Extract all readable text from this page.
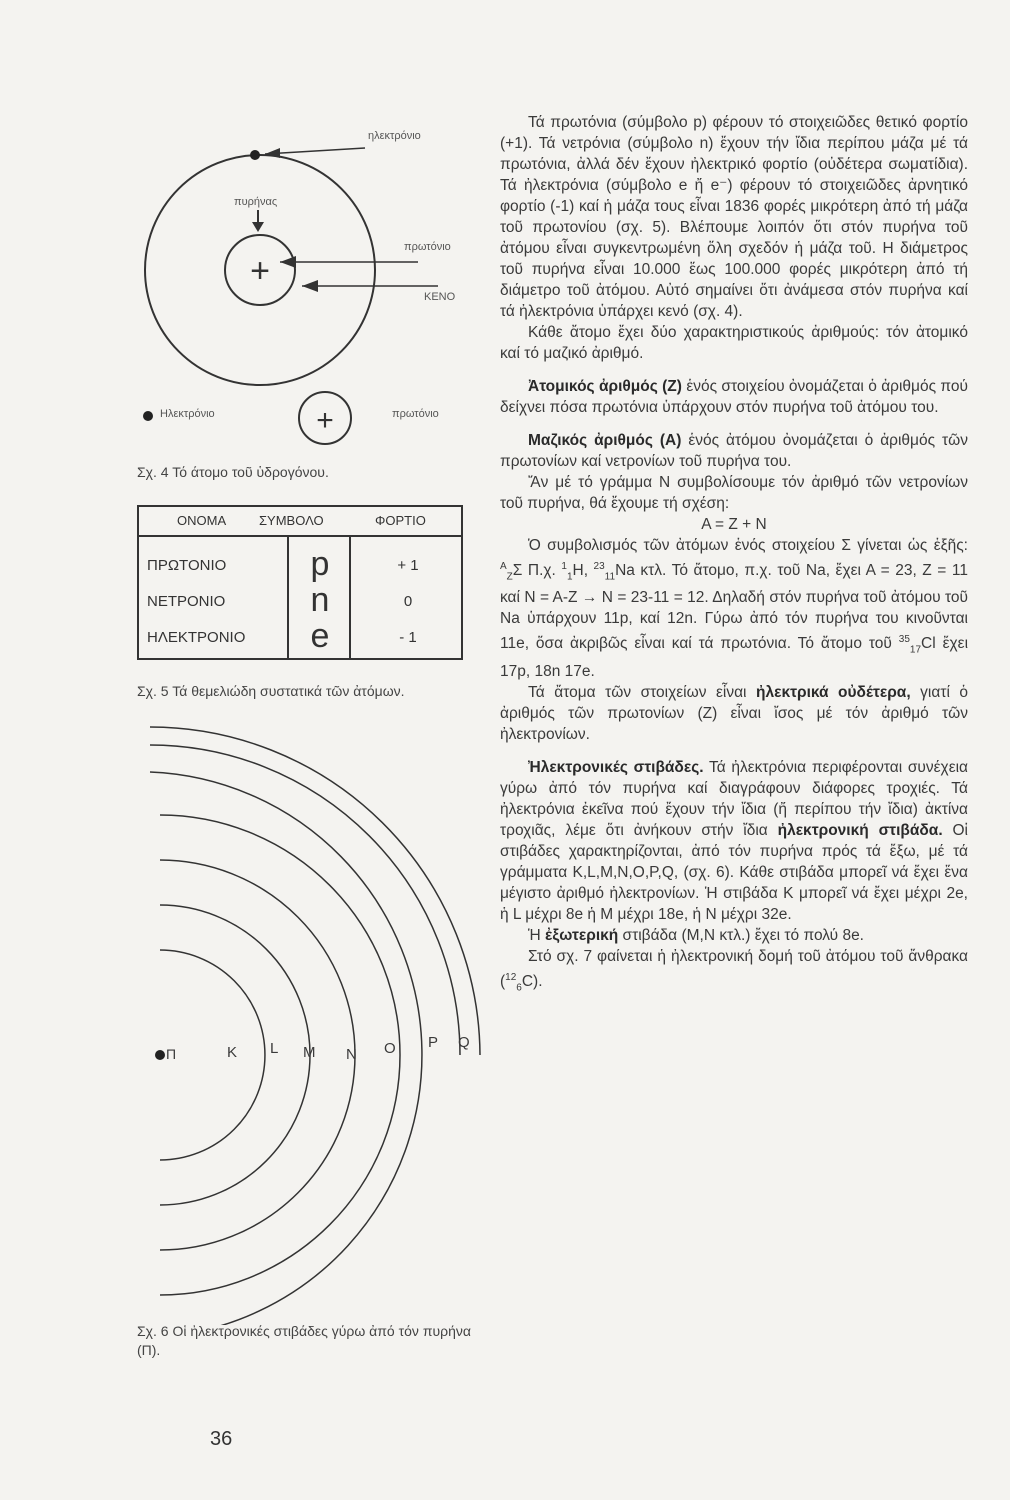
+
+
ηλεκτρόνιο
πυρήνας
πρωτόνιο
ΚΕΝΟ
Ηλεκτρόνιο	πρωτόνιο
Σχ. 4 Τό άτομο τοῦ ὑδρογόνου.
ΟΝΟΜΑ	ΣΥΜΒΟΛΟ	ΦΟΡΤΙΟ
ΠΡΩΤΟΝΙΟ	p	+ 1
ΝΕΤΡΟΝΙΟ	n	0
ΗΛΕΚΤΡΟΝΙΟ	e	- 1
Σχ. 5 Τά θεμελιώδη συστατικά τῶν ἀτόμων.
Π	K L M N O P Q
Σχ. 6 Οἱ ἠλεκτρονικές στιβάδες γύρω ἀπό τόν πυρήνα (Π).

Τά πρωτόνια (σύμβολο p) φέρουν τό στοιχειῶδες θετικό φορτίο (+1). Τά νετρόνια (σύμβολο n) ἔχουν τήν ἴδια περίπου μάζα μέ τά πρωτόνια, ἀλλά δέν ἔχουν ἠλεκτρικό φορτίο (οὐδέτερα σωματίδια). Τά ἠλεκτρόνια (σύμβολο e ἤ e⁻) φέρουν τό στοιχειῶδες ἀρνητικό φορτίο (-1) καί ἡ μάζα τους εἶναι 1836 φορές μικρότερη ἀπό τή μάζα τοῦ πρωτονίου (σχ. 5). Βλέπουμε λοιπόν ὅτι στόν πυρήνα τοῦ ἀτόμου εἶναι συγκεντρωμένη ὅλη σχεδόν ἡ μάζα τοῦ. Η διάμετρος τοῦ πυρήνα εἶναι 10.000 ἕως 100.000 φορές μικρότερη ἀπό τή διάμετρο τοῦ ἀτόμου. Αὐτό σημαίνει ὅτι ἀνάμεσα στόν πυρήνα καί τά ἠλεκτρόνια ὑπάρχει κενό (σχ. 4).

Κάθε ἄτομο ἔχει δύο χαρακτηριστικούς ἀριθμούς: τόν ἀτομικό καί τό μαζικό ἀριθμό.

Ἀτομικός ἀριθμός (Ζ) ἑνός στοιχείου ὀνομάζεται ὁ ἀριθμός πού δείχνει πόσα πρωτόνια ὑπάρχουν στόν πυρήνα τοῦ ἀτόμου του.

Μαζικός ἀριθμός (Α) ἑνός ἀτόμου ὀνομάζεται ὁ ἀριθμός τῶν πρωτονίων καί νετρονίων τοῦ πυρήνα του.

Ἄν μέ τό γράμμα Ν συμβολίσουμε τόν ἀριθμό τῶν νετρονίων τοῦ πυρήνα, θά ἔχουμε τή σχέση:

Α = Ζ + Ν

Ὁ συμβολισμός τῶν ἀτόμων ἑνός στοιχείου Σ γίνεται ὡς ἑξῆς: $^A_Z$Σ Π.χ. $^1_1$H, $^{23}_{11}$Na κτλ. Τό ἄτομο, π.χ. τοῦ Na, ἔχει Α = 23, Ζ = 11 καί Ν = Α-Ζ → Ν = 23-11 = 12. Δηλαδή στόν πυρήνα τοῦ ἀτόμου τοῦ Na ὑπάρχουν 11p, καί 12n. Γύρω ἀπό τόν πυρήνα του κινοῦνται 11e, ὅσα ἀκριβῶς εἶναι καί τά πρωτόνια. Τό ἄτομο τοῦ $^{35}_{17}$Cl ἔχει 17p, 18n 17e.

Τά ἄτομα τῶν στοιχείων εἶναι ἠλεκτρικά οὐδέτερα, γιατί ὁ ἀριθμός τῶν πρωτονίων (Ζ) εἶναι ἴσος μέ τόν ἀριθμό τῶν ἠλεκτρονίων.

Ἠλεκτρονικές στιβάδες. Τά ἠλεκτρόνια περιφέρονται συνέχεια γύρω ἀπό τόν πυρήνα καί διαγράφουν διάφορες τροχιές. Τά ἠλεκτρόνια ἐκεῖνα πού ἔχουν τήν ἴδια (ἤ περίπου τήν ἴδια) ἀκτίνα τροχιᾶς, λέμε ὅτι ἀνήκουν στήν ἴδια ἠλεκτρονική στιβάδα. Οἱ στιβάδες χαρακτηρίζονται, ἀπό τόν πυρήνα πρός τά ἔξω, μέ τά γράμματα K,L,M,N,O,P,Q, (σχ. 6). Κάθε στιβάδα μπορεῖ νά ἔχει ἕνα μέγιστο ἀριθμό ἠλεκτρονίων. Ἡ στιβάδα Κ μπορεῖ νά ἔχει μέχρι 2e, ἡ L μέχρι 8e ἡ M μέχρι 18e, ἡ N μέχρι 32e.

Ἡ ἐξωτερική στιβάδα (M,N κτλ.) ἔχει τό πολύ 8e.

Στό σχ. 7 φαίνεται ἡ ἠλεκτρονική δομή τοῦ ἀτόμου τοῦ ἄνθρακα ($^{12}_6$C).

36
